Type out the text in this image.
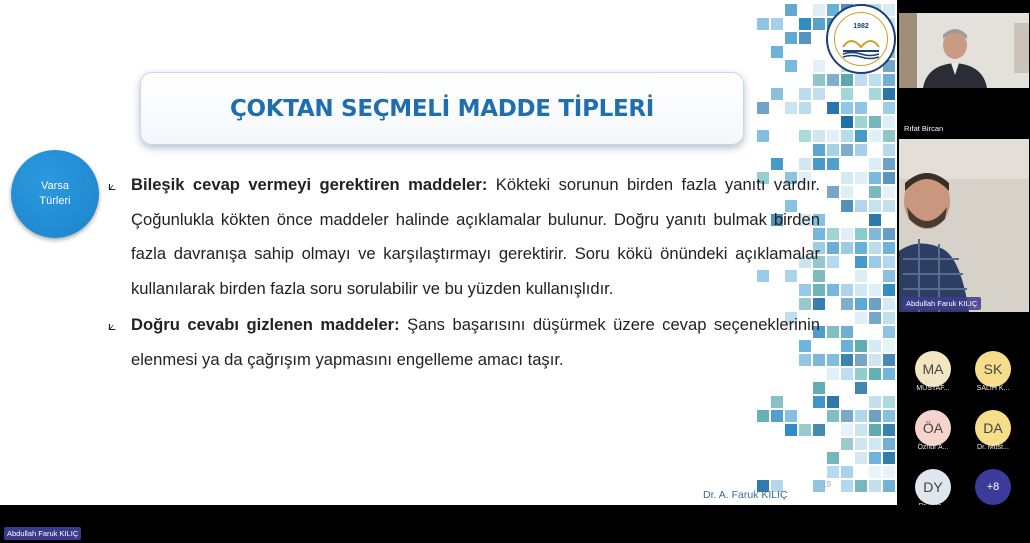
1982
ÇOKTAN SEÇMELİ MADDE TİPLERİ
Varsa
Türleri
⟀ Bileşik cevap vermeyi gerektiren maddeler: Kökteki sorunun birden fazla yanıtı vardır. Çoğunlukla kökten önce maddeler halinde açıklamalar bulunur. Doğru yanıtı bulmak birden fazla davranışa sahip olmayı ve karşılaştırmayı gerektirir. Soru kökü önündeki açıklamalar kullanılarak birden fazla soru sorulabilir ve bu yüzden kullanışlıdır.
⟀ Doğru cevabı gizlenen maddeler: Şans başarısını düşürmek üzere cevap seçeneklerinin elenmesi ya da çağrışım yapmasını engelleme amacı taşır.
19
Dr. A. Faruk KILIÇ
Rıfat Bircan
Abdullah Faruk KILIÇ
MA
MUSTAF...
SK
SALİH K...
ÖA
Öznur A...
DA
Dr. Must...
DY	+8
Abdullah Faruk KILIÇ
